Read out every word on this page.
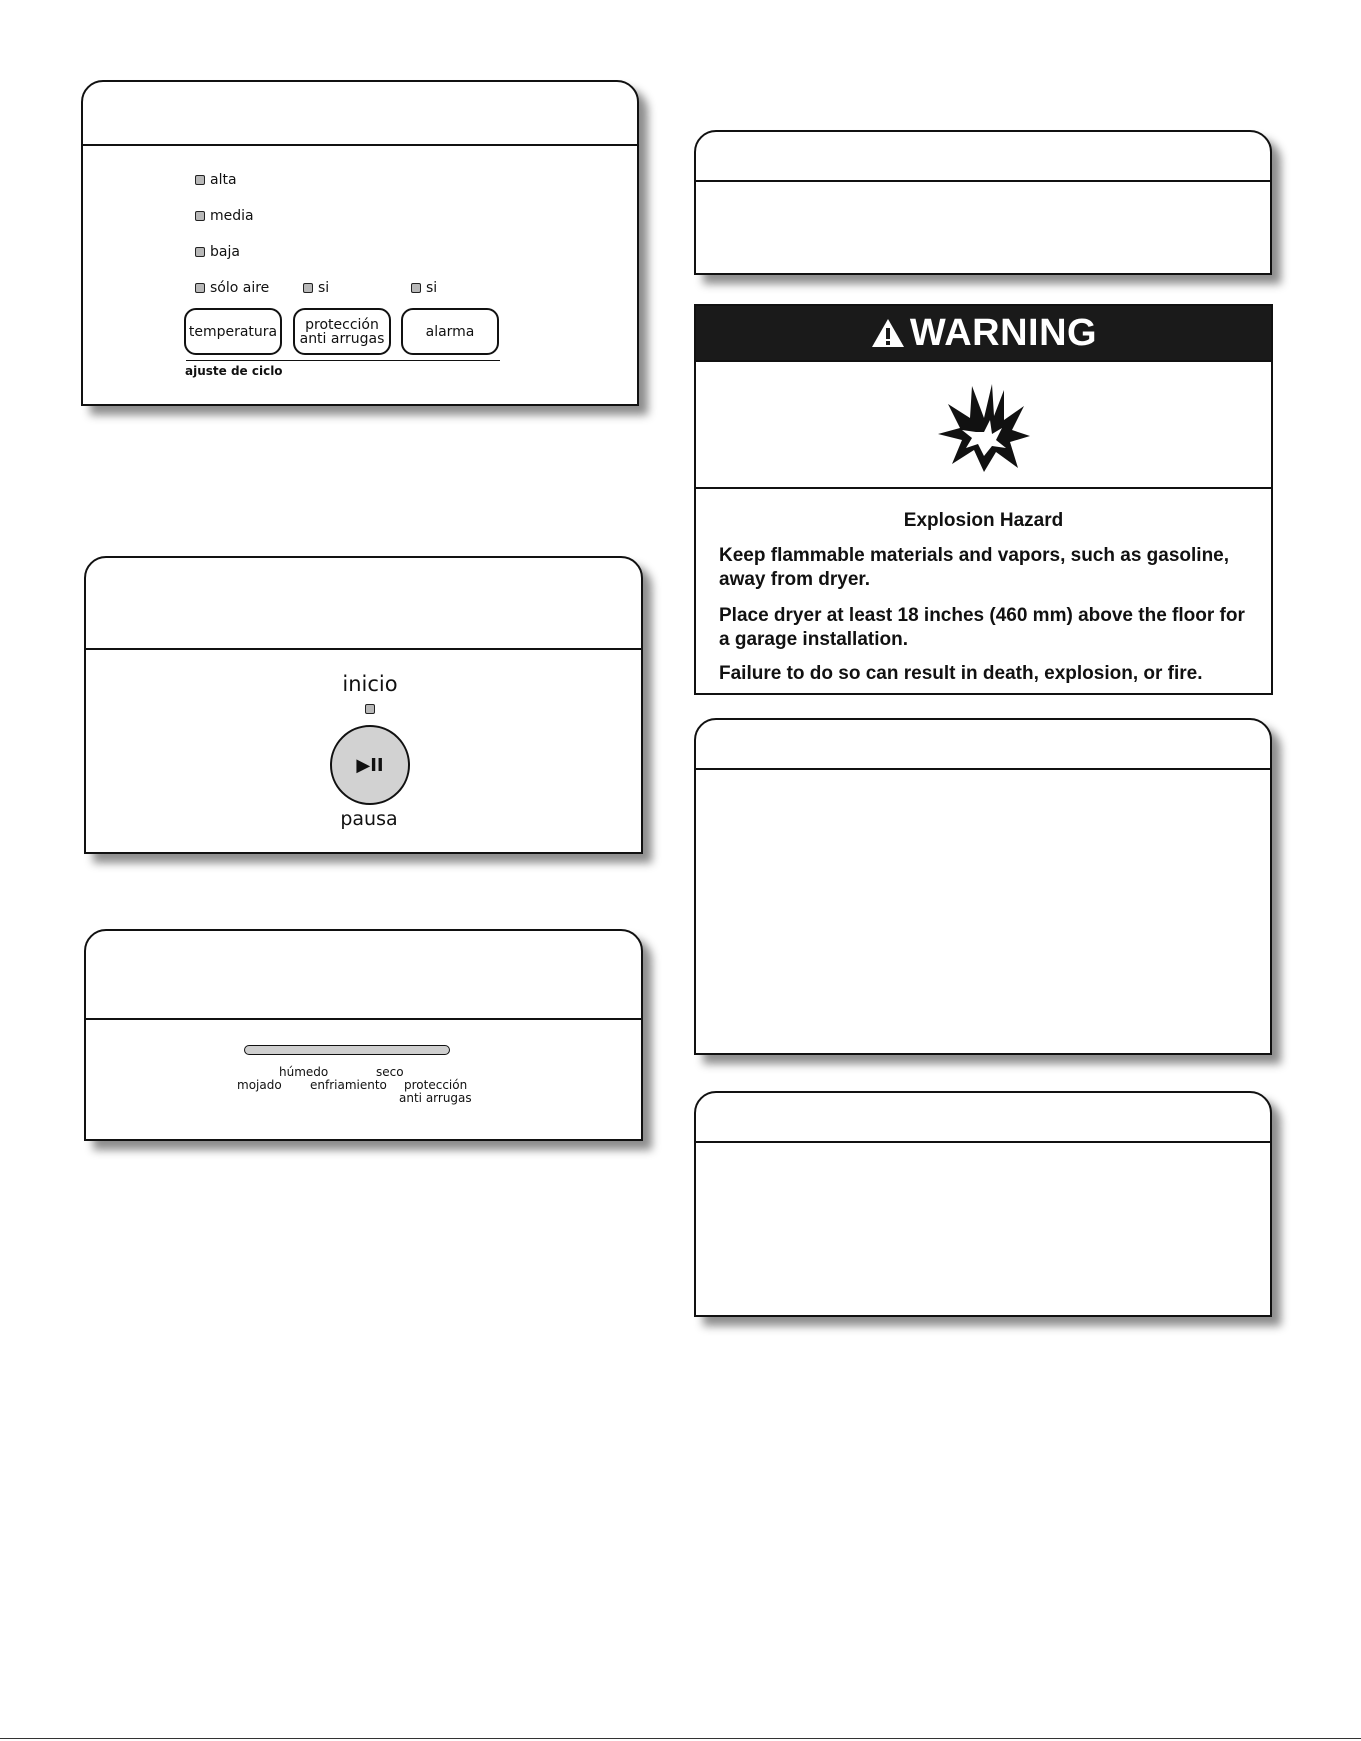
alta
media
baja
sólo aire	si	si
temperatura protección
anti arrugas	alarma
ajuste de ciclo
inicio
▶II
pausa
húmedo	seco
mojado enfriamiento protección
anti arrugas
WARNING
Explosion Hazard
Keep flammable materials and vapors, such as gasoline, away from dryer.
Place dryer at least 18 inches (460 mm) above the floor for a garage installation.
Failure to do so can result in death, explosion, or fire.
